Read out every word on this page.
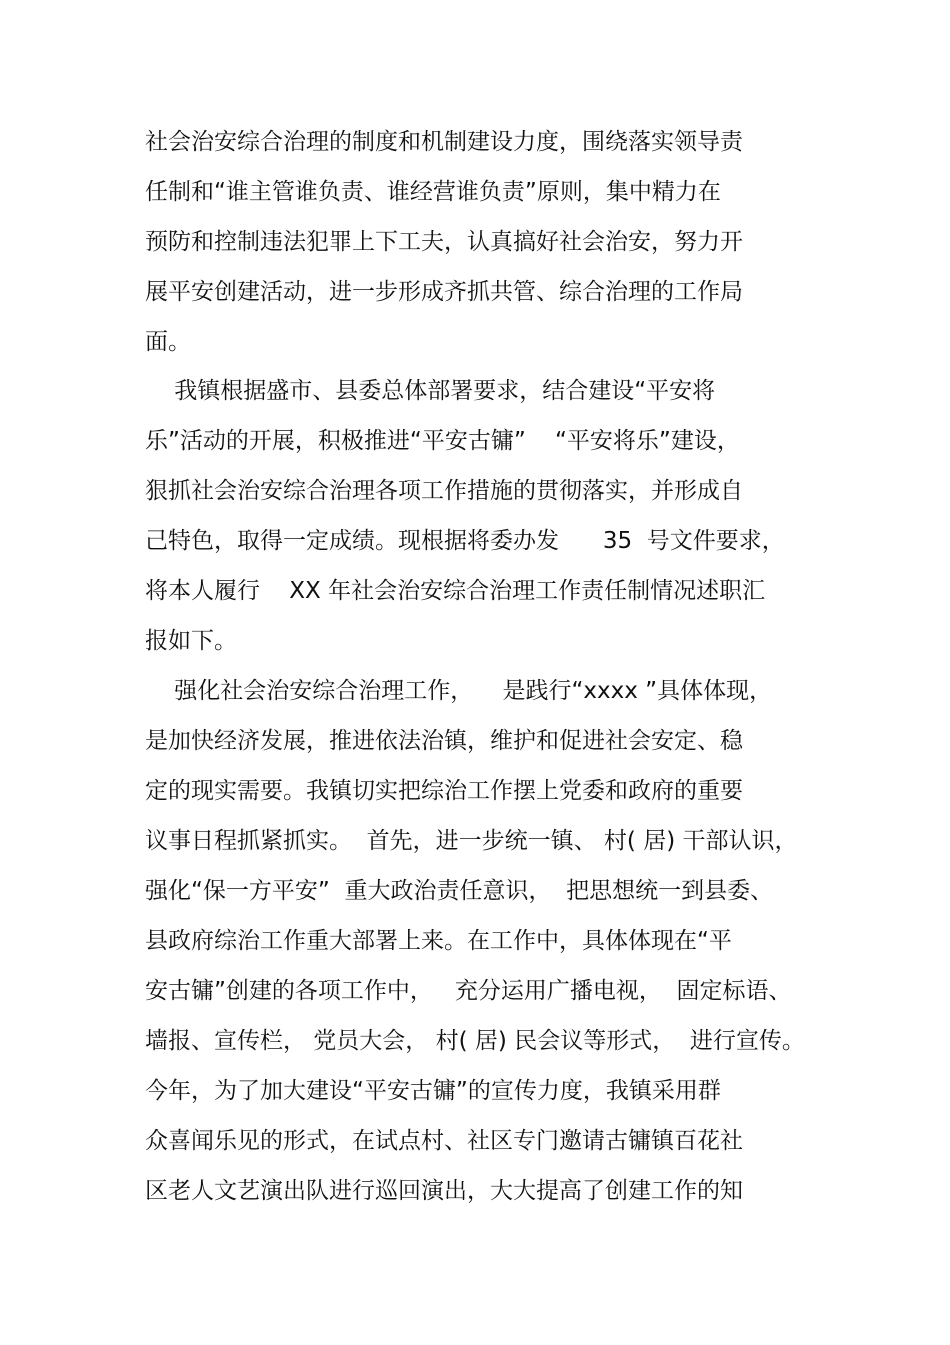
社会治安综合治理的制度和机制建设力度，围绕落实领导责
任制和“谁主管谁负责、谁经营谁负责”原则，集中精力在
预防和控制违法犯罪上下工夫，认真搞好社会治安，努力开
展平安创建活动，进一步形成齐抓共管、综合治理的工作局
面。
我镇根据盛市、县委总体部署要求，结合建设“平安将
乐”活动的开展，积极推进“平安古镛”    “平安将乐”建设，
狠抓社会治安综合治理各项工作措施的贯彻落实，并形成自
己特色，取得一定成绩。现根据将委办发      35  号文件要求，
将本人履行    XX 年社会治安综合治理工作责任制情况述职汇
报如下。
强化社会治安综合治理工作，    是践行“xxxx ”具体体现，
是加快经济发展，推进依法治镇，维护和促进社会安定、稳
定的现实需要。我镇切实把综治工作摆上党委和政府的重要
议事日程抓紧抓实。  首先，进一步统一镇、 村( 居) 干部认识，
强化“保一方平安”  重大政治责任意识，  把思想统一到县委、
县政府综治工作重大部署上来。在工作中，具体体现在“平
安古镛”创建的各项工作中，   充分运用广播电视，  固定标语、
墙报、宣传栏， 党员大会， 村( 居) 民会议等形式，  进行宣传。
今年，为了加大建设“平安古镛”的宣传力度，我镇采用群
众喜闻乐见的形式，在试点村、社区专门邀请古镛镇百花社
区老人文艺演出队进行巡回演出，大大提高了创建工作的知
